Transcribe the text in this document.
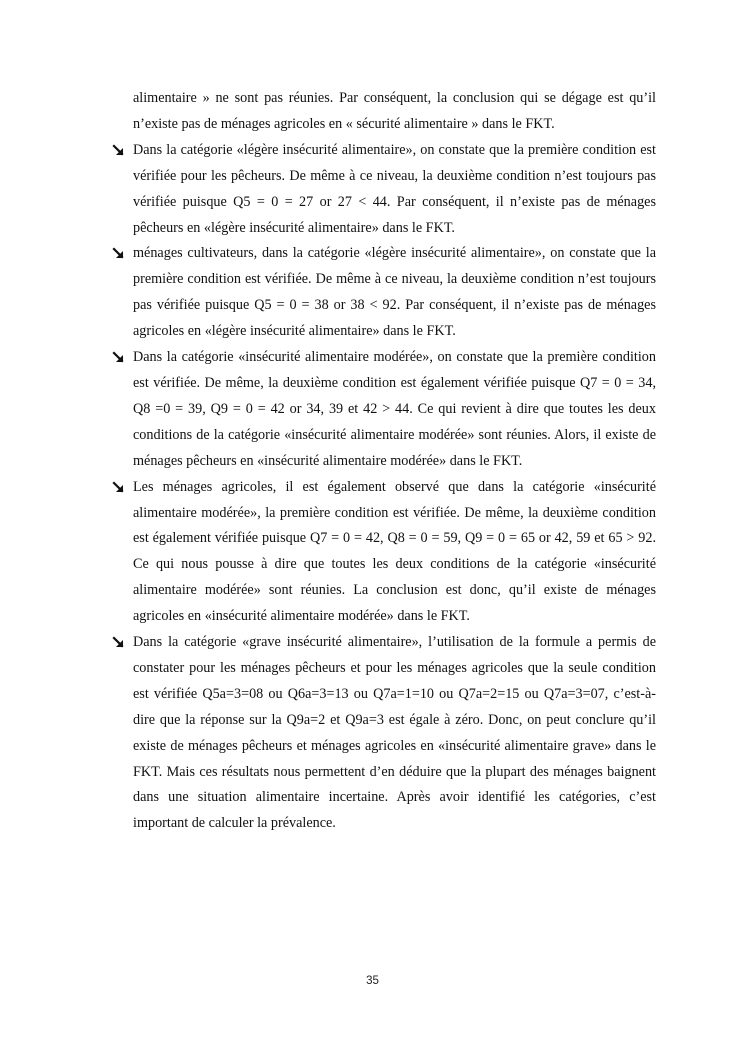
alimentaire » ne sont pas réunies. Par conséquent, la conclusion qui se dégage est qu’il n’existe pas de ménages agricoles en « sécurité alimentaire » dans le FKT.

Dans la catégorie «légère insécurité alimentaire», on constate que la première condition est vérifiée pour les pêcheurs. De même à ce niveau, la deuxième condition n’est toujours pas vérifiée puisque Q5 = 0 = 27 or 27 < 44. Par conséquent, il n’existe pas de ménages pêcheurs en «légère insécurité alimentaire» dans le FKT.

ménages cultivateurs, dans la catégorie «légère insécurité alimentaire», on constate que la première condition est vérifiée. De même à ce niveau, la deuxième condition n’est toujours pas vérifiée puisque Q5 = 0 = 38 or 38 < 92. Par conséquent, il n’existe pas de ménages agricoles en «légère insécurité alimentaire» dans le FKT.

Dans la catégorie «insécurité alimentaire modérée», on constate que la première condition est vérifiée. De même, la deuxième condition est également vérifiée puisque Q7 = 0 = 34, Q8 =0 = 39, Q9 = 0 = 42 or 34, 39 et 42 > 44. Ce qui revient à dire que toutes les deux conditions de la catégorie «insécurité alimentaire modérée» sont réunies. Alors, il existe de ménages pêcheurs en «insécurité alimentaire modérée» dans le FKT.

Les ménages agricoles, il est également observé que dans la catégorie «insécurité alimentaire modérée», la première condition est vérifiée. De même, la deuxième condition est également vérifiée puisque Q7 = 0 = 42, Q8 = 0 = 59, Q9 = 0 = 65 or 42, 59 et 65 > 92. Ce qui nous pousse à dire que toutes les deux conditions de la catégorie «insécurité alimentaire modérée» sont réunies. La conclusion est donc, qu’il existe de ménages agricoles en «insécurité alimentaire modérée» dans le FKT.

Dans la catégorie «grave insécurité alimentaire», l’utilisation de la formule a permis de constater pour les ménages pêcheurs et pour les ménages agricoles que la seule condition est vérifiée Q5a=3=08 ou Q6a=3=13 ou Q7a=1=10 ou Q7a=2=15 ou Q7a=3=07, c’est-à-dire que la réponse sur la Q9a=2 et Q9a=3 est égale à zéro. Donc, on peut conclure qu’il existe de ménages pêcheurs et ménages agricoles en «insécurité alimentaire grave» dans le FKT. Mais ces résultats nous permettent d’en déduire que la plupart des ménages baignent dans une situation alimentaire incertaine. Après avoir identifié les catégories, c’est important de calculer la prévalence.

35
